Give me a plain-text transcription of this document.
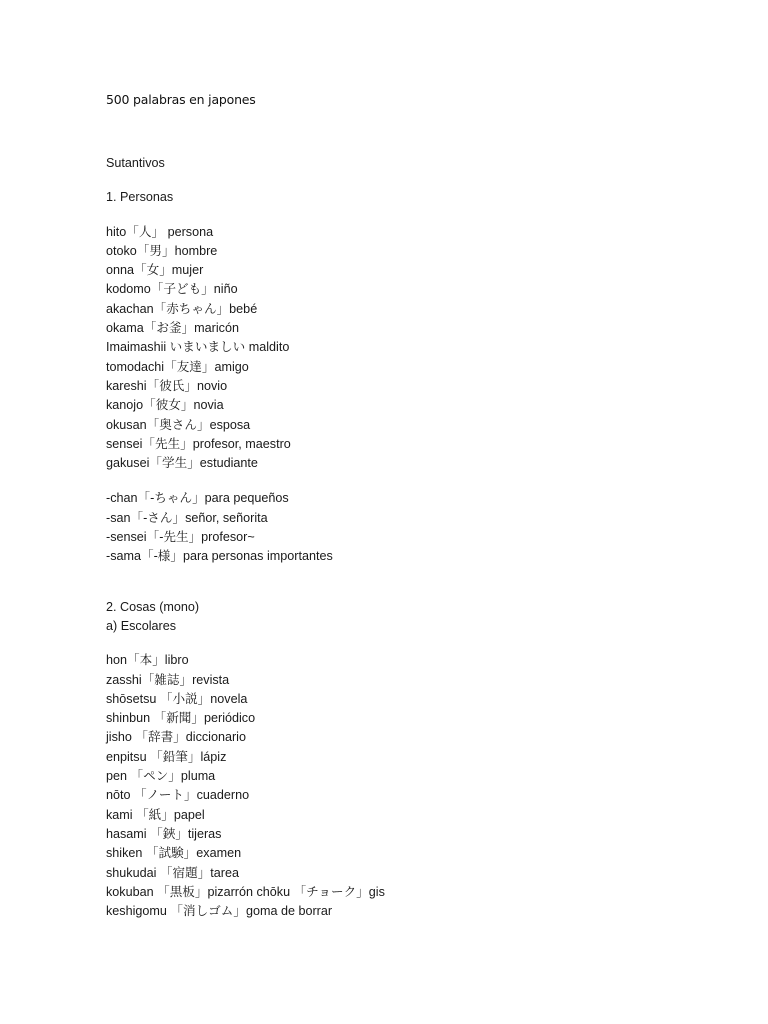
500 palabras en japones
Sutantivos
1. Personas
hito「人」 persona
otoko「男」hombre
onna「女」mujer
kodomo「子ども」niño
akachan「赤ちゃん」bebé
okama「お釜」maricón
Imaimashii いまいましい maldito
tomodachi「友達」amigo
kareshi「彼氏」novio
kanojo「彼女」novia
okusan「奥さん」esposa
sensei「先生」profesor, maestro
gakusei「学生」estudiante
-chan「-ちゃん」para pequeños
-san「-さん」señor, señorita
-sensei「-先生」profesor~
-sama「-様」para personas importantes
2. Cosas (mono)
a) Escolares
hon「本」libro
zasshi「雑誌」revista
shōsetsu 「小説」novela
shinbun 「新聞」periódico
jisho 「辞書」diccionario
enpitsu 「鉛筆」lápiz
pen 「ペン」pluma
nōto 「ノート」cuaderno
kami 「紙」papel
hasami 「鋏」tijeras
shiken 「試験」examen
shukudai 「宿題」tarea
kokuban 「黒板」pizarrón chōku 「チョーク」gis
keshigomu 「消しゴム」goma de borrar
